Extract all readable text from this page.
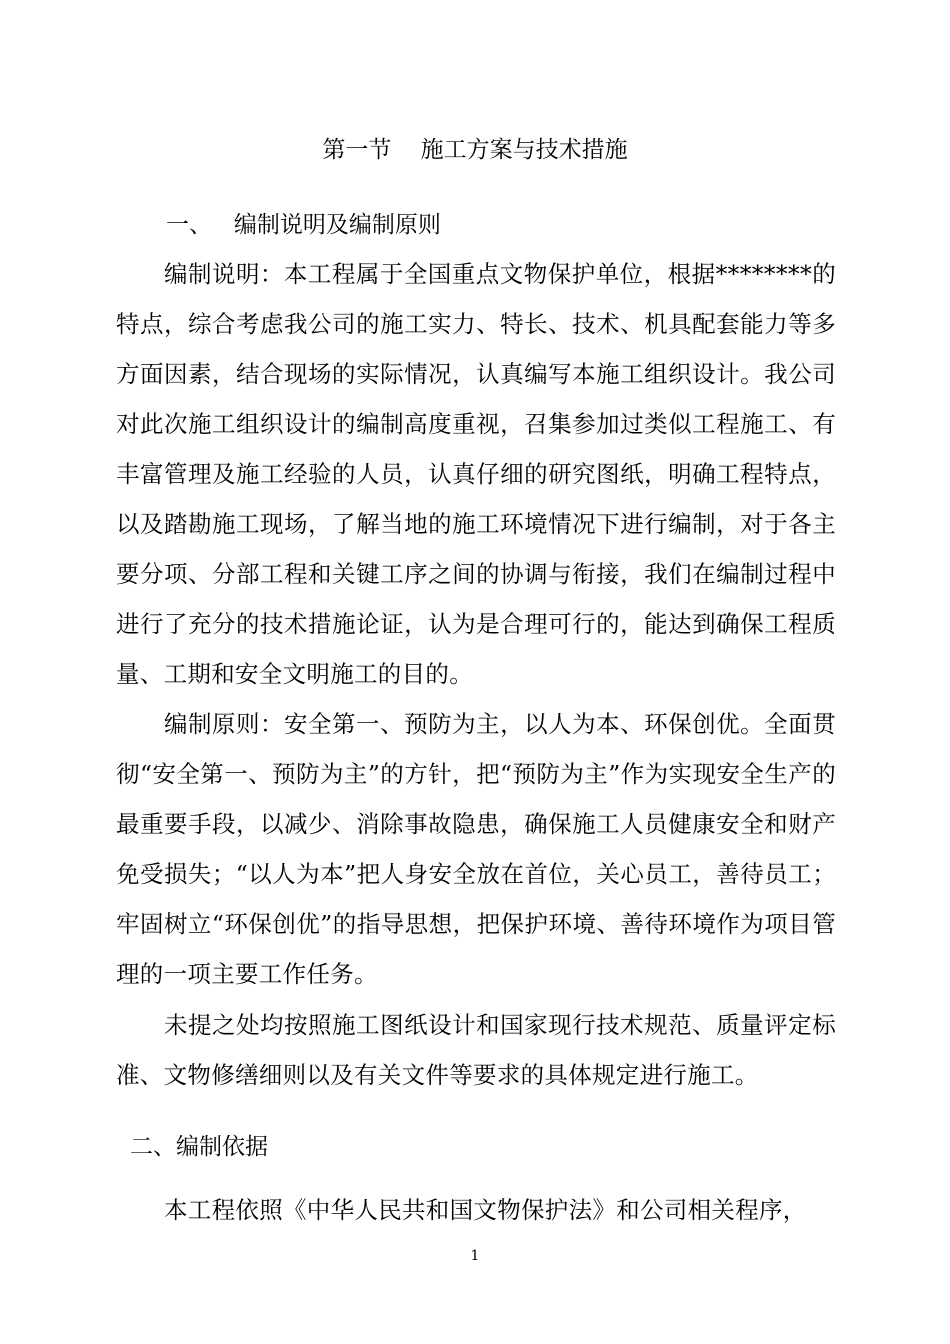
第一节    施工方案与技术措施
一、   编制说明及编制原则

编制说明：本工程属于全国重点文物保护单位，根据********的特点，综合考虑我公司的施工实力、特长、技术、机具配套能力等多方面因素，结合现场的实际情况，认真编写本施工组织设计。我公司对此次施工组织设计的编制高度重视，召集参加过类似工程施工、有丰富管理及施工经验的人员，认真仔细的研究图纸，明确工程特点，以及踏勘施工现场，了解当地的施工环境情况下进行编制，对于各主要分项、分部工程和关键工序之间的协调与衔接，我们在编制过程中进行了充分的技术措施论证，认为是合理可行的，能达到确保工程质量、工期和安全文明施工的目的。

编制原则：安全第一、预防为主，以人为本、环保创优。全面贯彻“安全第一、预防为主”的方针，把“预防为主”作为实现安全生产的最重要手段，以减少、消除事故隐患，确保施工人员健康安全和财产免受损失；“以人为本”把人身安全放在首位，关心员工，善待员工；牢固树立“环保创优”的指导思想，把保护环境、善待环境作为项目管理的一项主要工作任务。

未提之处均按照施工图纸设计和国家现行技术规范、质量评定标准、文物修缮细则以及有关文件等要求的具体规定进行施工。

二、编制依据

本工程依照《中华人民共和国文物保护法》和公司相关程序，

1
